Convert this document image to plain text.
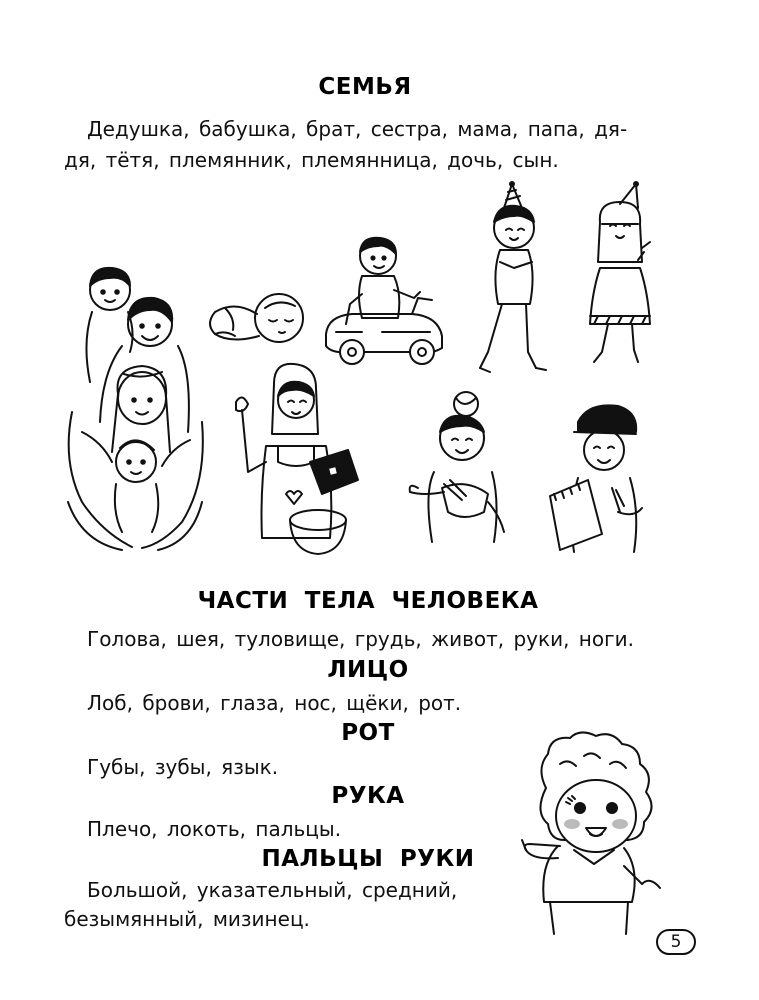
СЕМЬЯ
Дедушка, бабушка, брат, сестра, мама, папа, дя-
дя, тётя, племянник, племянница, дочь, сын.
ЧАСТИ ТЕЛА ЧЕЛОВЕКА
Голова, шея, туловище, грудь, живот, руки, ноги.
ЛИЦО
Лоб, брови, глаза, нос, щёки, рот.
РОТ
Губы, зубы, язык.
РУКА
Плечо, локоть, пальцы.
ПАЛЬЦЫ РУКИ
Большой, указательный, средний,
безымянный, мизинец.
5
